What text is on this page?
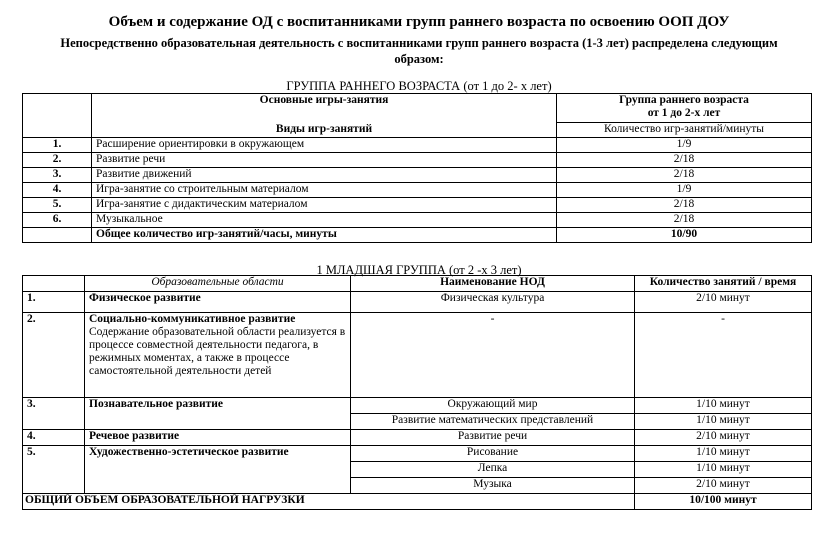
Объем и содержание ОД с воспитанниками групп раннего возраста по освоению ООП ДОУ
Непосредственно образовательная деятельность с воспитанниками групп раннего возраста (1-3 лет) распределена следующим
образом:
ГРУППА РАННЕГО ВОЗРАСТА (от 1 до 2- х лет)
	Основные игры-занятия	Группа раннего возраста
от 1 до 2-х лет

	Виды игр-занятий	Количество игр-занятий/минуты
1.	Расширение ориентировки в окружающем	1/9
2.	Развитие речи	2/18
3.	Развитие движений	2/18
4.	Игра-занятие со строительным материалом	1/9
5.	Игра-занятие с дидактическим материалом	2/18
6.	Музыкальное	2/18
	Общее количество игр-занятий/часы, минуты	10/90
1 МЛАДШАЯ ГРУППА (от 2 -х 3 лет)
	Образовательные области	Наименование НОД	Количество занятий / время
1.	Физическое развитие	Физическая культура	2/10 минут
2.	Социально-коммуникативное развитие
Содержание образовательной области реализуется в процессе совместной деятельности педагога, в режимных моментах, а также в процессе самостоятельной деятельности детей	-	-
3.	Познавательное развитие	Окружающий мир	1/10 минут
		Развитие математических представлений	1/10 минут
4.	Речевое развитие	Развитие речи	2/10 минут
5.	Художественно-эстетическое развитие	Рисование	1/10 минут
		Лепка	1/10 минут
		Музыка	2/10 минут
ОБЩИЙ ОБЪЕМ ОБРАЗОВАТЕЛЬНОЙ НАГРУЗКИ			10/100 минут
